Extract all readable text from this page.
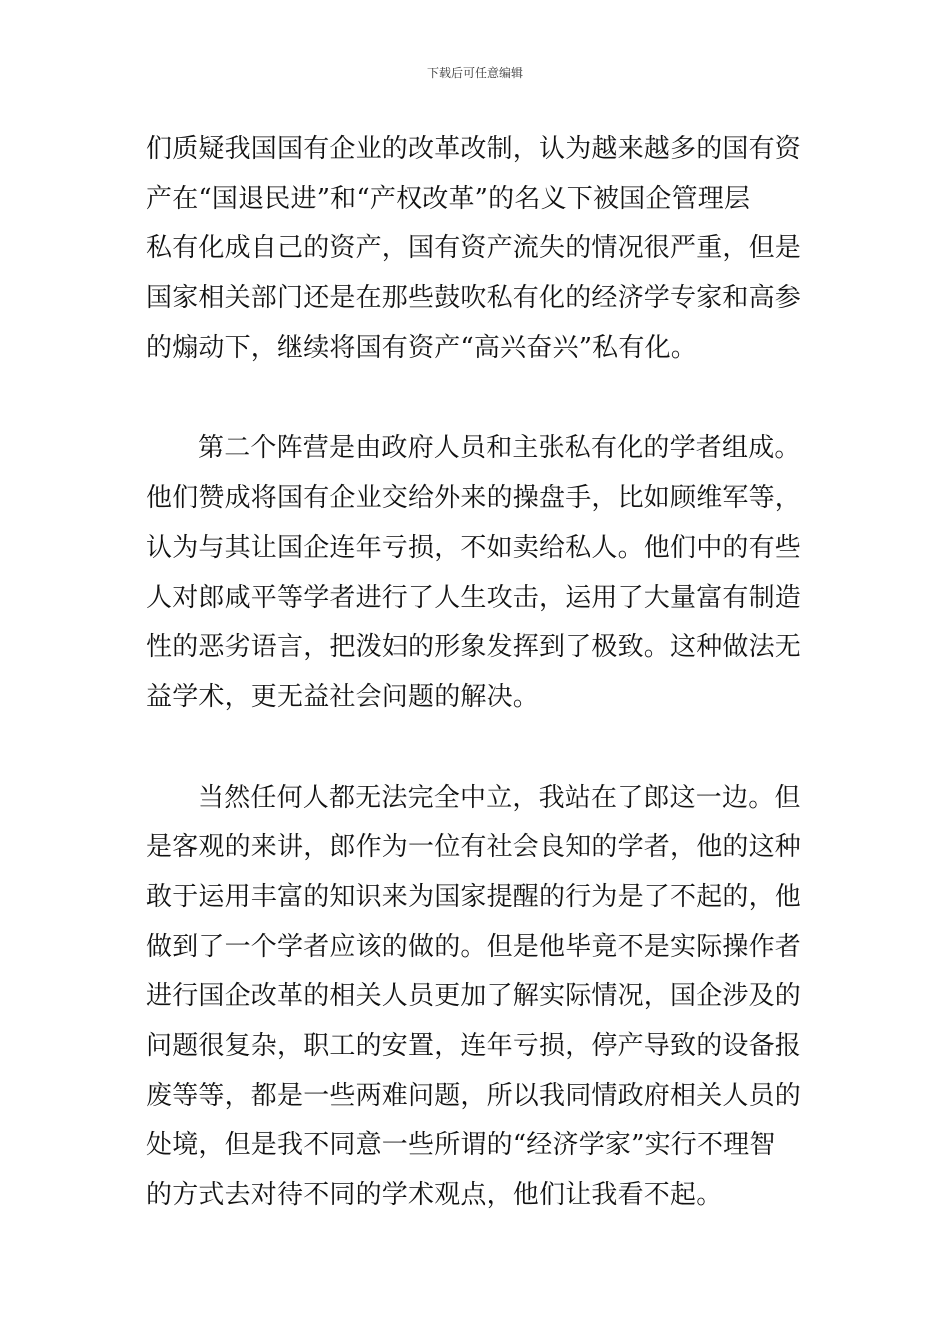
下载后可任意编辑
们质疑我国国有企业的改革改制，认为越来越多的国有资
产在“国退民进”和“产权改革”的名义下被国企管理层
私有化成自己的资产，国有资产流失的情况很严重，但是
国家相关部门还是在那些鼓吹私有化的经济学专家和高参
的煽动下，继续将国有资产“高兴奋兴”私有化。
第二个阵营是由政府人员和主张私有化的学者组成。
他们赞成将国有企业交给外来的操盘手，比如顾维军等，
认为与其让国企连年亏损，不如卖给私人。他们中的有些
人对郎咸平等学者进行了人生攻击，运用了大量富有制造
性的恶劣语言，把泼妇的形象发挥到了极致。这种做法无
益学术，更无益社会问题的解决。
当然任何人都无法完全中立，我站在了郎这一边。但
是客观的来讲，郎作为一位有社会良知的学者，他的这种
敢于运用丰富的知识来为国家提醒的行为是了不起的，他
做到了一个学者应该的做的。但是他毕竟不是实际操作者
进行国企改革的相关人员更加了解实际情况，国企涉及的
问题很复杂，职工的安置，连年亏损，停产导致的设备报
废等等，都是一些两难问题，所以我同情政府相关人员的
处境，但是我不同意一些所谓的“经济学家”实行不理智
的方式去对待不同的学术观点，他们让我看不起。
